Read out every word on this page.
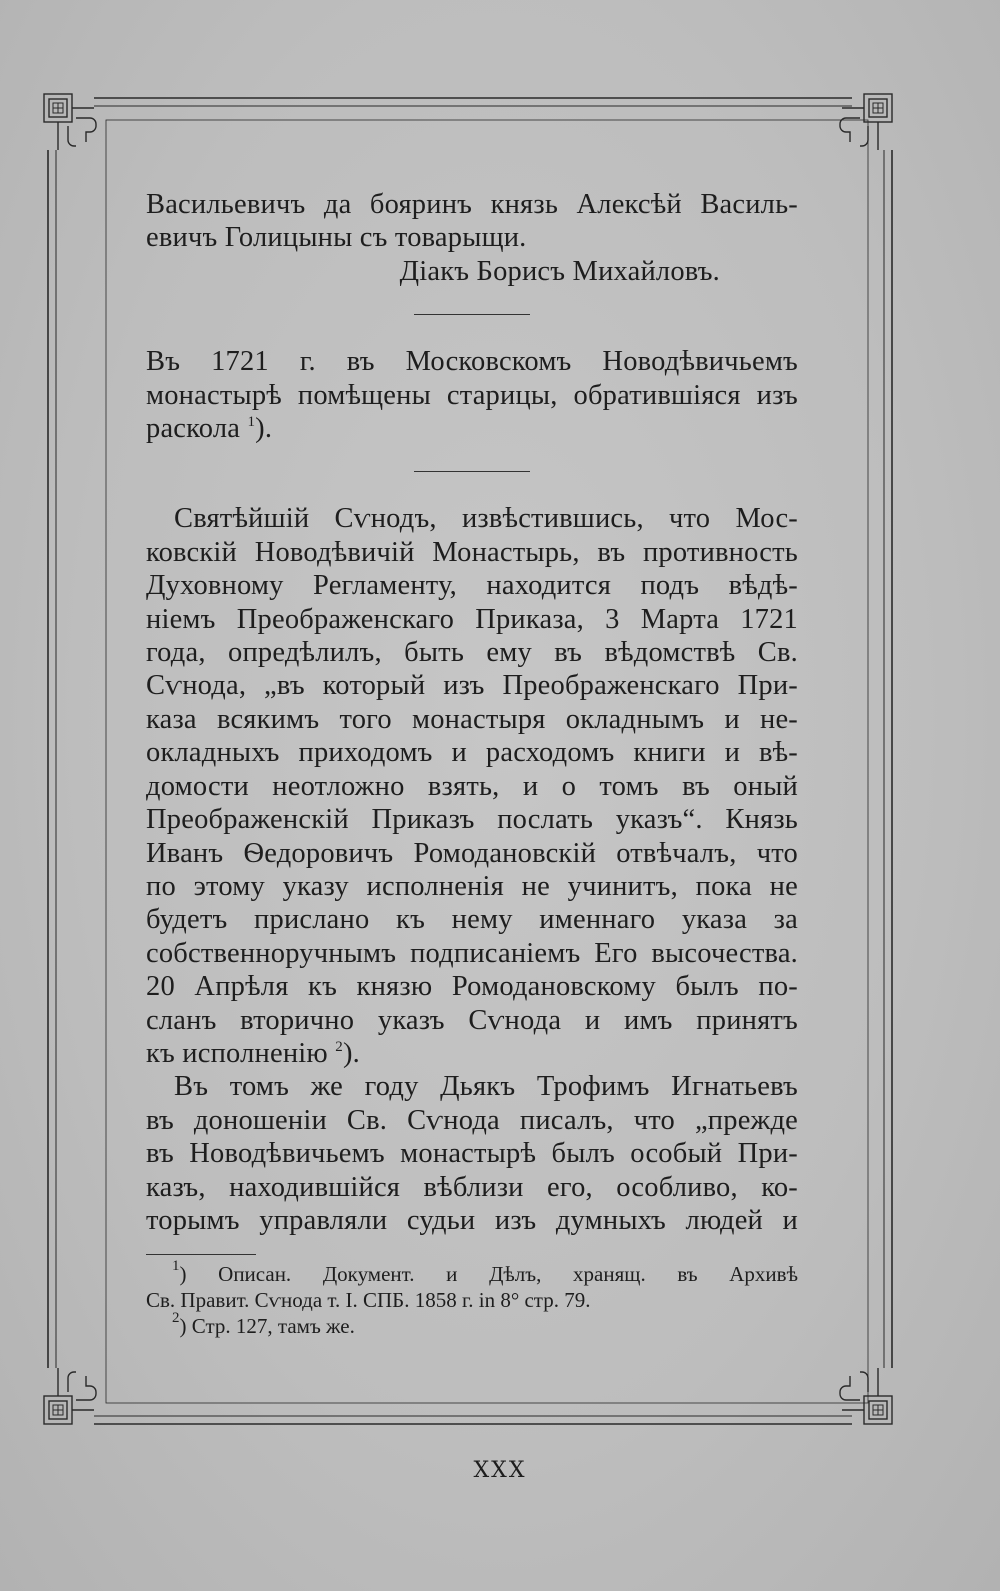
Васильевичъ да бояринъ князь Алексѣй Василь-
евичъ Голицыны съ товарыщи.
Діакъ Борисъ Михайловъ.
Въ 1721 г. въ Московскомъ Новодѣвичьемъ
монастырѣ помѣщены старицы, обратившіяся изъ
раскола $^1$).
Святѣйшій Сѵнодъ, извѣстившись, что Мос-
ковскій Новодѣвичій Монастырь, въ противность
Духовному Регламенту, находится подъ вѣдѣ-
ніемъ Преображенскаго Приказа, 3 Марта 1721
года, опредѣлилъ, быть ему въ вѣдомствѣ Св.
Сѵнода, „въ который изъ Преображенскаго При-
каза всякимъ того монастыря окладнымъ и не-
окладныхъ приходомъ и расходомъ книги и вѣ-
домости неотложно взять, и о томъ въ оный
Преображенскій Приказъ послать указъ“. Князь
Иванъ Ѳедоровичъ Ромодановскій отвѣчалъ, что
по этому указу исполненія не учинитъ, пока не
будетъ прислано къ нему именнаго указа за
собственноручнымъ подписаніемъ Его высочества.
20 Апрѣля къ князю Ромодановскому былъ по-
сланъ вторично указъ Сѵнода и имъ принятъ
къ исполненію $^2$).
Въ томъ же году Дьякъ Трофимъ Игнатьевъ
въ доношеніи Св. Сѵнода писалъ, что „прежде
въ Новодѣвичьемъ монастырѣ былъ особый При-
казъ, находившійся вѣблизи его, особливо, ко-
торымъ управляли судьи изъ думныхъ людей и
$^1$) Описан. Документ. и Дѣлъ, хранящ. въ Архивѣ
Св. Правит. Сѵнода т. I. СПБ. 1858 г. in 8° стр. 79.
$^2$) Стр. 127, тамъ же.
XXX
